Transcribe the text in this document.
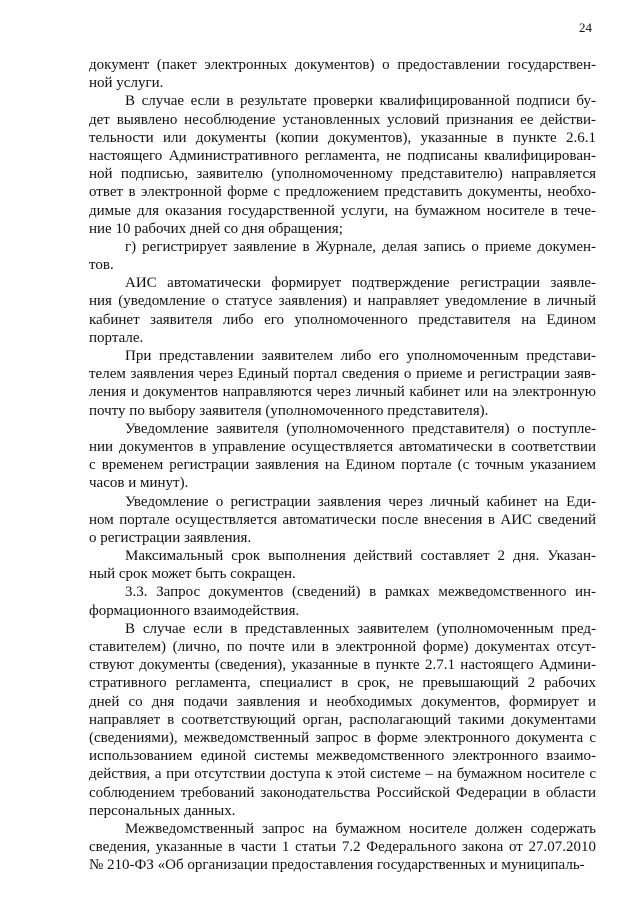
24
документ (пакет электронных документов) о предоставлении государствен-
ной услуги.
В случае если в результате проверки квалифицированной подписи бу-
дет выявлено несоблюдение установленных условий признания ее действи-
тельности или документы (копии документов), указанные в пункте 2.6.1
настоящего Административного регламента, не подписаны квалифицирован-
ной подписью, заявителю (уполномоченному представителю) направляется
ответ в электронной форме с предложением представить документы, необхо-
димые для оказания государственной услуги, на бумажном носителе в тече-
ние 10 рабочих дней со дня обращения;
г) регистрирует заявление в Журнале, делая запись о приеме докумен-
тов.
АИС автоматически формирует подтверждение регистрации заявле-
ния (уведомление о статусе заявления) и направляет уведомление в личный
кабинет заявителя либо его уполномоченного представителя на Едином
портале.
При представлении заявителем либо его уполномоченным представи-
телем заявления через Единый портал сведения о приеме и регистрации заяв-
ления и документов направляются через личный кабинет или на электронную
почту по выбору заявителя (уполномоченного представителя).
Уведомление заявителя (уполномоченного представителя) о поступле-
нии документов в управление осуществляется автоматически в соответствии
с временем регистрации заявления на Едином портале (с точным указанием
часов и минут).
Уведомление о регистрации заявления через личный кабинет на Еди-
ном портале осуществляется автоматически после внесения в АИС сведений
о регистрации заявления.
Максимальный срок выполнения действий составляет 2 дня. Указан-
ный срок может быть сокращен.
3.3. Запрос документов (сведений) в рамках межведомственного ин-
формационного взаимодействия.
В случае если в представленных заявителем (уполномоченным пред-
ставителем) (лично, по почте или в электронной форме) документах отсут-
ствуют документы (сведения), указанные в пункте 2.7.1 настоящего Админи-
стративного регламента, специалист в срок, не превышающий 2 рабочих
дней со дня подачи заявления и необходимых документов, формирует и
направляет в соответствующий орган, располагающий такими документами
(сведениями), межведомственный запрос в форме электронного документа с
использованием единой системы межведомственного электронного взаимо-
действия, а при отсутствии доступа к этой системе – на бумажном носителе с
соблюдением требований законодательства Российской Федерации в области
персональных данных.
Межведомственный запрос на бумажном носителе должен содержать
сведения, указанные в части 1 статьи 7.2 Федерального закона от 27.07.2010
№ 210-ФЗ «Об организации предоставления государственных и муниципаль-
